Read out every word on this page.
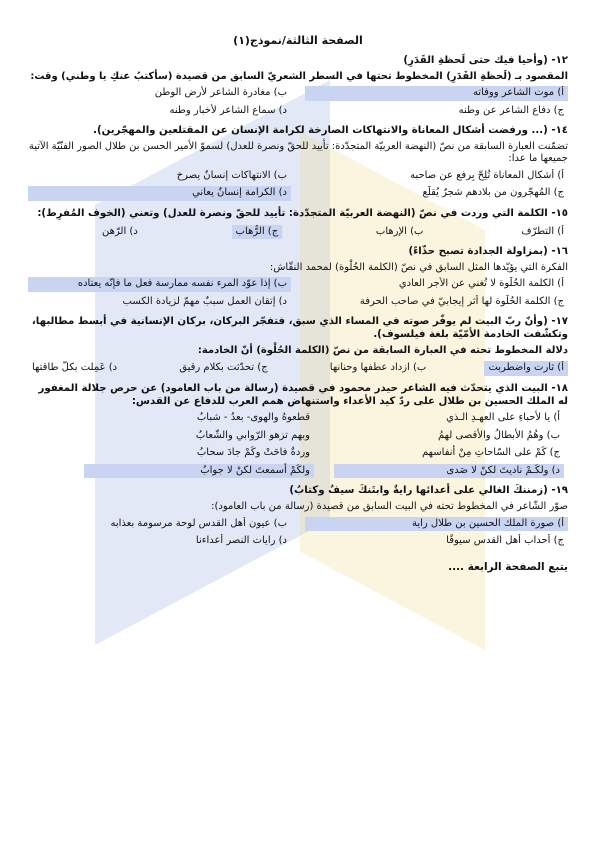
الصفحة الثالثة/نموذج(١)
١٢- (وأحيا فيك حتى لَحظةِ القَدَرِ)
المقصود بـ (لَحظةِ القَدَرِ) المخطوط تحتها في السطر الشعريّ السابق من قصيدة (سأكتبُ عنكِ يا وطني) وقت:
أ) موت الشاعر ووفاته
ب) مغادرة الشاعر لأرض الوطن
ج) دفاع الشاعر عن وطنه
د) سماع الشاعر لأخبار وطنه
١٤- (... ورفضت أشكال المعاناة والانتهاكات الصارخة لكرامة الإنسان عن المقتلعين والمهجّرين).
تضمّنت العبارة السابقة من نصّ (النهضة العربيّة المتجدّدة: تأييد للحقّ ونصرة للعدل) لسموّ الأمير الحسن بن طلال الصور الفنّيّة الآتية جميعها ما عدا:
أ) أشكال المعاناة تُلِحّ بِرفع عن صاحبه
ب) الانتهاكات إنسانٌ يصرخ
ج) المُهجّرون من بلادهم شجرٌ يُقلَع
د) الكرامة إنسانٌ يعاني
١٥- الكلمة التي وردت في نصّ (النهضة العربيّة المتجدّدة: تأييد للحقّ ونصرة للعدل) وتعني (الخوف المُفرِط):
أ) التطرّف
ب) الإرهاب
ج) الرُّهاب
د) الرّهن
١٦- (بمزاولة الجدادة تصبح حذّاءً)
الفكرة التي يؤيّدها المثل السابق في نصّ (الكلمة الحُلْوة) لمحمد النقّاش:
أ) الكلمة الحُلْوة لا تُغني عن الأجر العادي
ب) إذا عوّد المرء نفسه ممارسة فعل ما فإنّه يعتاده
ج) الكلمة الحُلْوة لها أثر إيجابيّ في صاحب الحرفة
د) إتقان العمل سببٌ مهمّ لزيادة الكسب
١٧- (وأنّ ربّ البيت لم يوفّر صوته في المساء الذي سبق، فتفجّر البركان، بركان الإنسانية في أبسط مطالبها، وتكشّفت الخادمة الأمّيّة بلغة فيلسوف).
دلالة المخطوط تحته في العبارة السابقة من نصّ (الكلمة الحُلْوة) أنّ الخادمة:
أ) ثارت واضطربت
ب) ازداد عطفها وحنانها
ج) تحدّثت بكلام رقيق
د) عَمِلت بكلّ طاقتها
١٨- البيت الذي يتحدّث فيه الشاعر حيدر محمود في قصيدة (رسالة من باب العامود) عن حرص جلالة المغفور له الملك الحسين بن طلال على ردّ كيد الأعداء واستنهاض همم العرب للدفاع عن القدس:
أ) يا لأحباءِ على العهـدِ الـذي
قطعوهُ والهوى- بعدُ - شبابُ
ب) وهُمُ الأبطالُ والأقصى لهمُ
وبهم تزهو الرّوابي والشّعابُ
ج) كَمْ على السّاحاتِ مِنْ أنفاسهم
وردةٌ فاحَتْ وكَمْ جادَ سحابُ
د) ولكَـمْ ناديتَ لكنْ لا صَدى
ولكَمْ أسمعتَ لكنْ لا جوابُ
١٩- (زمننكَ الغالي على أعدائها رايةٌ وابتَنكَ سيفٌ وكتابُ)
صوّر الشّاعر في المخطوط تحته في البيت السابق من قصيدة (رسالة من باب العامود):
أ) صورة الملك الحسين بن طلال راية
ب) عيون أهل القدس لوحة مرسومة بعذابه
ج) أحداب أهل القدس سيوفًا
د) رايات النصر أعداءنا
يتبع الصفحة الرابعة ....
